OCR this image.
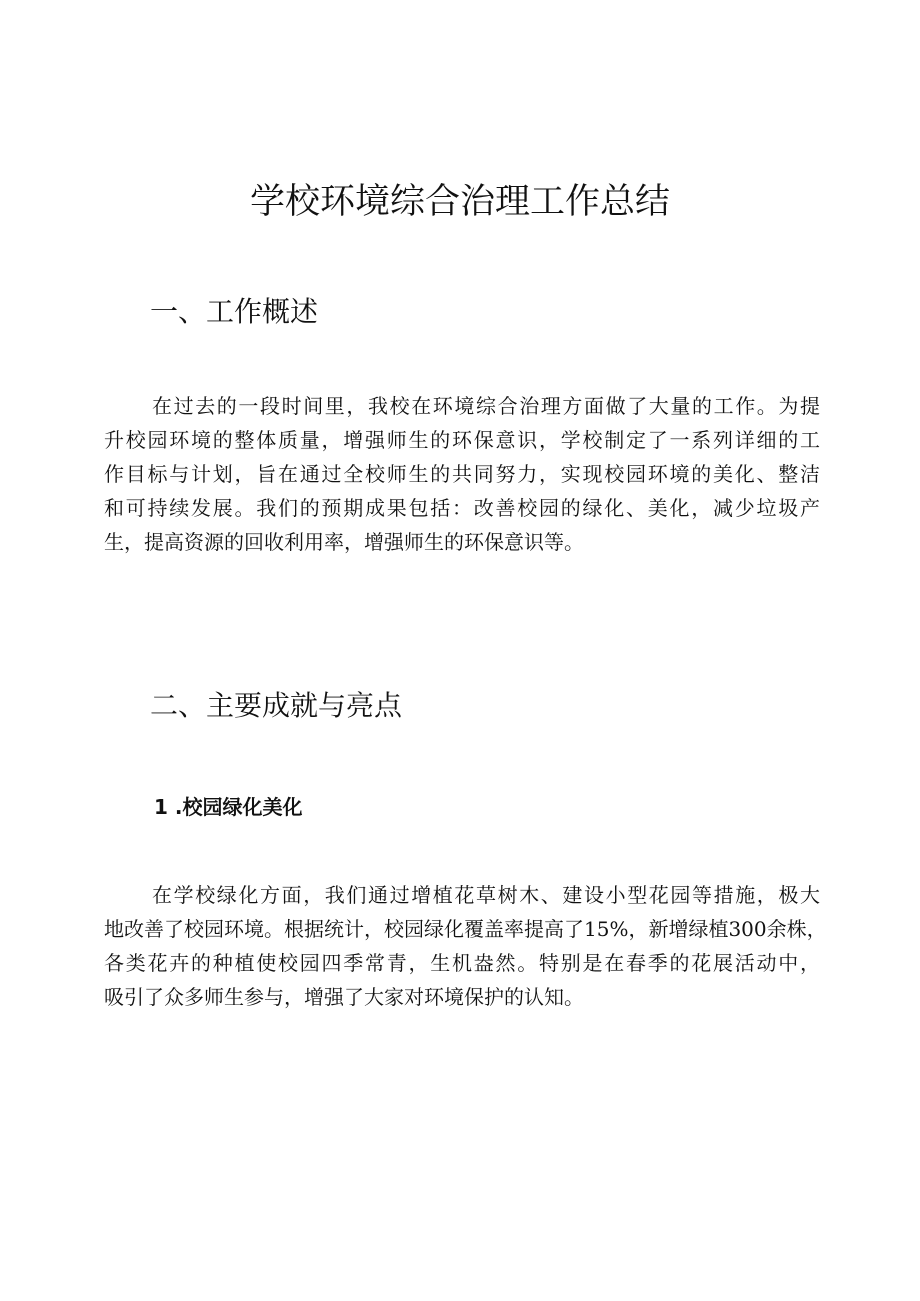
学校环境综合治理工作总结
一、工作概述
在过去的一段时间里，我校在环境综合治理方面做了大量的工作。为提
升校园环境的整体质量，增强师生的环保意识，学校制定了一系列详细的工
作目标与计划，旨在通过全校师生的共同努力，实现校园环境的美化、整洁
和可持续发展。我们的预期成果包括：改善校园的绿化、美化，减少垃圾产
生，提高资源的回收利用率，增强师生的环保意识等。
二、主要成就与亮点
1 .校园绿化美化
在学校绿化方面，我们通过增植花草树木、建设小型花园等措施，极大
地改善了校园环境。根据统计，校园绿化覆盖率提高了15%，新增绿植300余株，
各类花卉的种植使校园四季常青，生机盎然。特别是在春季的花展活动中，
吸引了众多师生参与，增强了大家对环境保护的认知。
